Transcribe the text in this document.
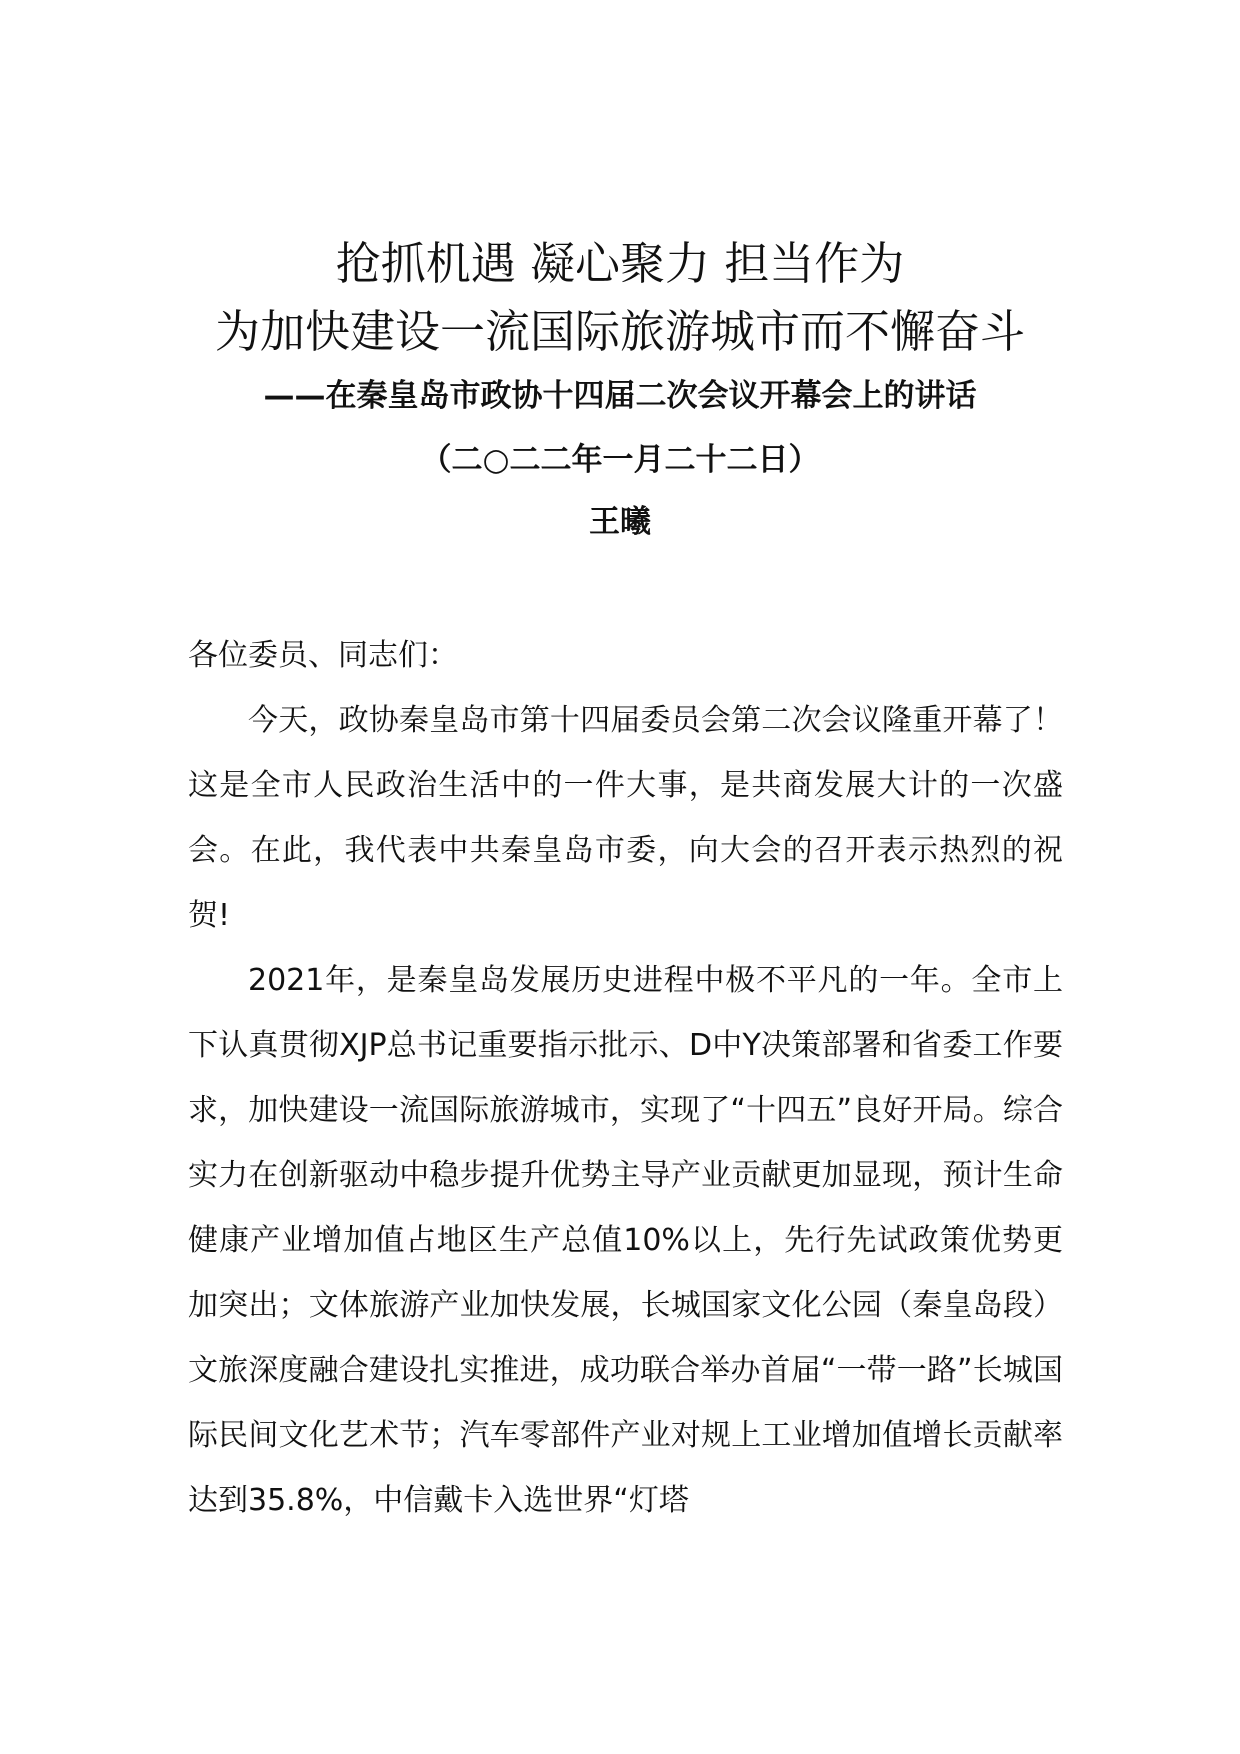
抢抓机遇 凝心聚力 担当作为
为加快建设一流国际旅游城市而不懈奋斗
——在秦皇岛市政协十四届二次会议开幕会上的讲话
（二○二二年一月二十二日）
王曦
各位委员、同志们：
今天，政协秦皇岛市第十四届委员会第二次会议隆重开幕了！这是全市人民政治生活中的一件大事，是共商发展大计的一次盛会。在此，我代表中共秦皇岛市委，向大会的召开表示热烈的祝贺!
2021年，是秦皇岛发展历史进程中极不平凡的一年。全市上下认真贯彻XJP总书记重要指示批示、D中Y决策部署和省委工作要求，加快建设一流国际旅游城市，实现了“十四五”良好开局。综合实力在创新驱动中稳步提升优势主导产业贡献更加显现，预计生命健康产业增加值占地区生产总值10%以上，先行先试政策优势更加突出；文体旅游产业加快发展，长城国家文化公园（秦皇岛段）文旅深度融合建设扎实推进，成功联合举办首届“一带一路”长城国际民间文化艺术节；汽车零部件产业对规上工业增加值增长贡献率达到35.8%，中信戴卡入选世界“灯塔
